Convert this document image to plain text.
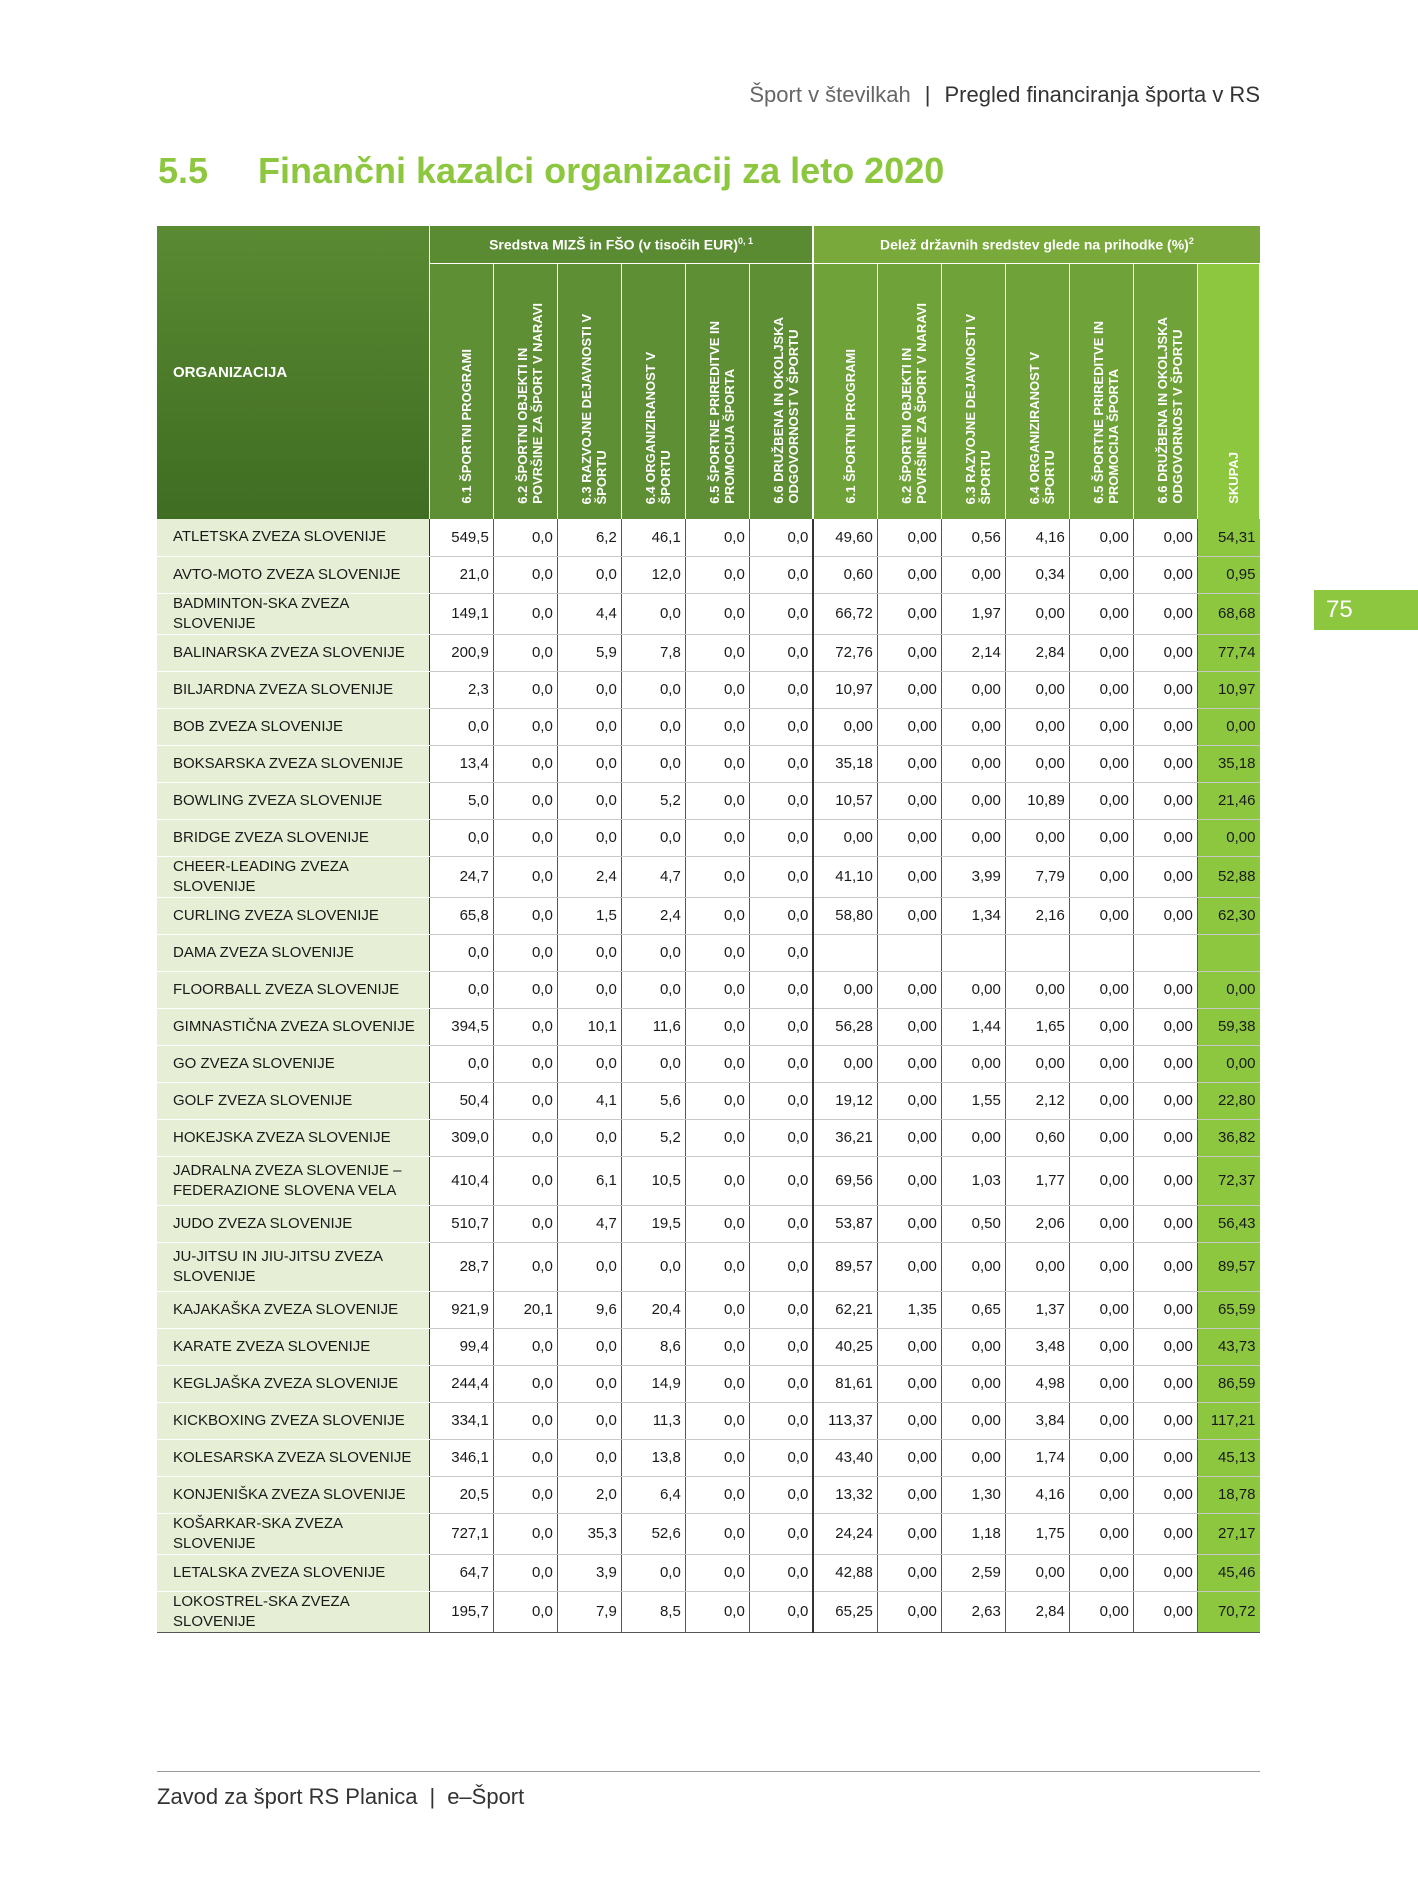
Šport v številkah | Pregled financiranja športa v RS
5.5 Finančni kazalci organizacij za leto 2020
75
ORGANIZACIJA	Sredstva MIZŠ in FŠO (v tisočih EUR)$^{0, 1}$						Delež državnih sredstev glede na prihodke (%)$^2$
	6.1 ŠPORTNI PROGRAMI	6.2 ŠPORTNI OBJEKTI IN
POVRŠINE ZA ŠPORT V NARAVI	6.3 RAZVOJNE DEJAVNOSTI V
ŠPORTU	6.4 ORGANIZIRANOST V
ŠPORTU	6.5 ŠPORTNE PRIREDITVE IN
PROMOCIJA ŠPORTA	6.6 DRUŽBENA IN OKOLJSKA
ODGOVORNOST V ŠPORTU	6.1 ŠPORTNI PROGRAMI	6.2 ŠPORTNI OBJEKTI IN
POVRŠINE ZA ŠPORT V NARAVI	6.3 RAZVOJNE DEJAVNOSTI V
ŠPORTU	6.4 ORGANIZIRANOST V
ŠPORTU	6.5 ŠPORTNE PRIREDITVE IN
PROMOCIJA ŠPORTA	6.6 DRUŽBENA IN OKOLJSKA
ODGOVORNOST V ŠPORTU	SKUPAJ
ATLETSKA ZVEZA SLOVENIJE	549,5	0,0	6,2	46,1	0,0	0,0	49,60	0,00	0,56	4,16	0,00	0,00	54,31
AVTO-MOTO ZVEZA SLOVENIJE	21,0	0,0	0,0	12,0	0,0	0,0	0,60	0,00	0,00	0,34	0,00	0,00	0,95
BADMINTON-SKA ZVEZA SLOVENIJE	149,1	0,0	4,4	0,0	0,0	0,0	66,72	0,00	1,97	0,00	0,00	0,00	68,68
BALINARSKA ZVEZA SLOVENIJE	200,9	0,0	5,9	7,8	0,0	0,0	72,76	0,00	2,14	2,84	0,00	0,00	77,74
BILJARDNA ZVEZA SLOVENIJE	2,3	0,0	0,0	0,0	0,0	0,0	10,97	0,00	0,00	0,00	0,00	0,00	10,97
BOB ZVEZA SLOVENIJE	0,0	0,0	0,0	0,0	0,0	0,0	0,00	0,00	0,00	0,00	0,00	0,00	0,00
BOKSARSKA ZVEZA SLOVENIJE	13,4	0,0	0,0	0,0	0,0	0,0	35,18	0,00	0,00	0,00	0,00	0,00	35,18
BOWLING ZVEZA SLOVENIJE	5,0	0,0	0,0	5,2	0,0	0,0	10,57	0,00	0,00	10,89	0,00	0,00	21,46
BRIDGE ZVEZA SLOVENIJE	0,0	0,0	0,0	0,0	0,0	0,0	0,00	0,00	0,00	0,00	0,00	0,00	0,00
CHEER-LEADING ZVEZA SLOVENIJE	24,7	0,0	2,4	4,7	0,0	0,0	41,10	0,00	3,99	7,79	0,00	0,00	52,88
CURLING ZVEZA SLOVENIJE	65,8	0,0	1,5	2,4	0,0	0,0	58,80	0,00	1,34	2,16	0,00	0,00	62,30
DAMA ZVEZA SLOVENIJE	0,0	0,0	0,0	0,0	0,0	0,0							
FLOORBALL ZVEZA SLOVENIJE	0,0	0,0	0,0	0,0	0,0	0,0	0,00	0,00	0,00	0,00	0,00	0,00	0,00
GIMNASTIČNA ZVEZA SLOVENIJE	394,5	0,0	10,1	11,6	0,0	0,0	56,28	0,00	1,44	1,65	0,00	0,00	59,38
GO ZVEZA SLOVENIJE	0,0	0,0	0,0	0,0	0,0	0,0	0,00	0,00	0,00	0,00	0,00	0,00	0,00
GOLF ZVEZA SLOVENIJE	50,4	0,0	4,1	5,6	0,0	0,0	19,12	0,00	1,55	2,12	0,00	0,00	22,80
HOKEJSKA ZVEZA SLOVENIJE	309,0	0,0	0,0	5,2	0,0	0,0	36,21	0,00	0,00	0,60	0,00	0,00	36,82
JADRALNA ZVEZA SLOVENIJE – FEDERAZIONE SLOVENA VELA	410,4	0,0	6,1	10,5	0,0	0,0	69,56	0,00	1,03	1,77	0,00	0,00	72,37
JUDO ZVEZA SLOVENIJE	510,7	0,0	4,7	19,5	0,0	0,0	53,87	0,00	0,50	2,06	0,00	0,00	56,43
JU-JITSU IN JIU-JITSU ZVEZA SLOVENIJE	28,7	0,0	0,0	0,0	0,0	0,0	89,57	0,00	0,00	0,00	0,00	0,00	89,57
KAJAKAŠKA ZVEZA SLOVENIJE	921,9	20,1	9,6	20,4	0,0	0,0	62,21	1,35	0,65	1,37	0,00	0,00	65,59
KARATE ZVEZA SLOVENIJE	99,4	0,0	0,0	8,6	0,0	0,0	40,25	0,00	0,00	3,48	0,00	0,00	43,73
KEGLJAŠKA ZVEZA SLOVENIJE	244,4	0,0	0,0	14,9	0,0	0,0	81,61	0,00	0,00	4,98	0,00	0,00	86,59
KICKBOXING ZVEZA SLOVENIJE	334,1	0,0	0,0	11,3	0,0	0,0	113,37	0,00	0,00	3,84	0,00	0,00	117,21
KOLESARSKA ZVEZA SLOVENIJE	346,1	0,0	0,0	13,8	0,0	0,0	43,40	0,00	0,00	1,74	0,00	0,00	45,13
KONJENIŠKA ZVEZA SLOVENIJE	20,5	0,0	2,0	6,4	0,0	0,0	13,32	0,00	1,30	4,16	0,00	0,00	18,78
KOŠARKAR-SKA ZVEZA SLOVENIJE	727,1	0,0	35,3	52,6	0,0	0,0	24,24	0,00	1,18	1,75	0,00	0,00	27,17
LETALSKA ZVEZA SLOVENIJE	64,7	0,0	3,9	0,0	0,0	0,0	42,88	0,00	2,59	0,00	0,00	0,00	45,46
LOKOSTREL-SKA ZVEZA SLOVENIJE	195,7	0,0	7,9	8,5	0,0	0,0	65,25	0,00	2,63	2,84	0,00	0,00	70,72
Zavod za šport RS Planica | e–Šport
